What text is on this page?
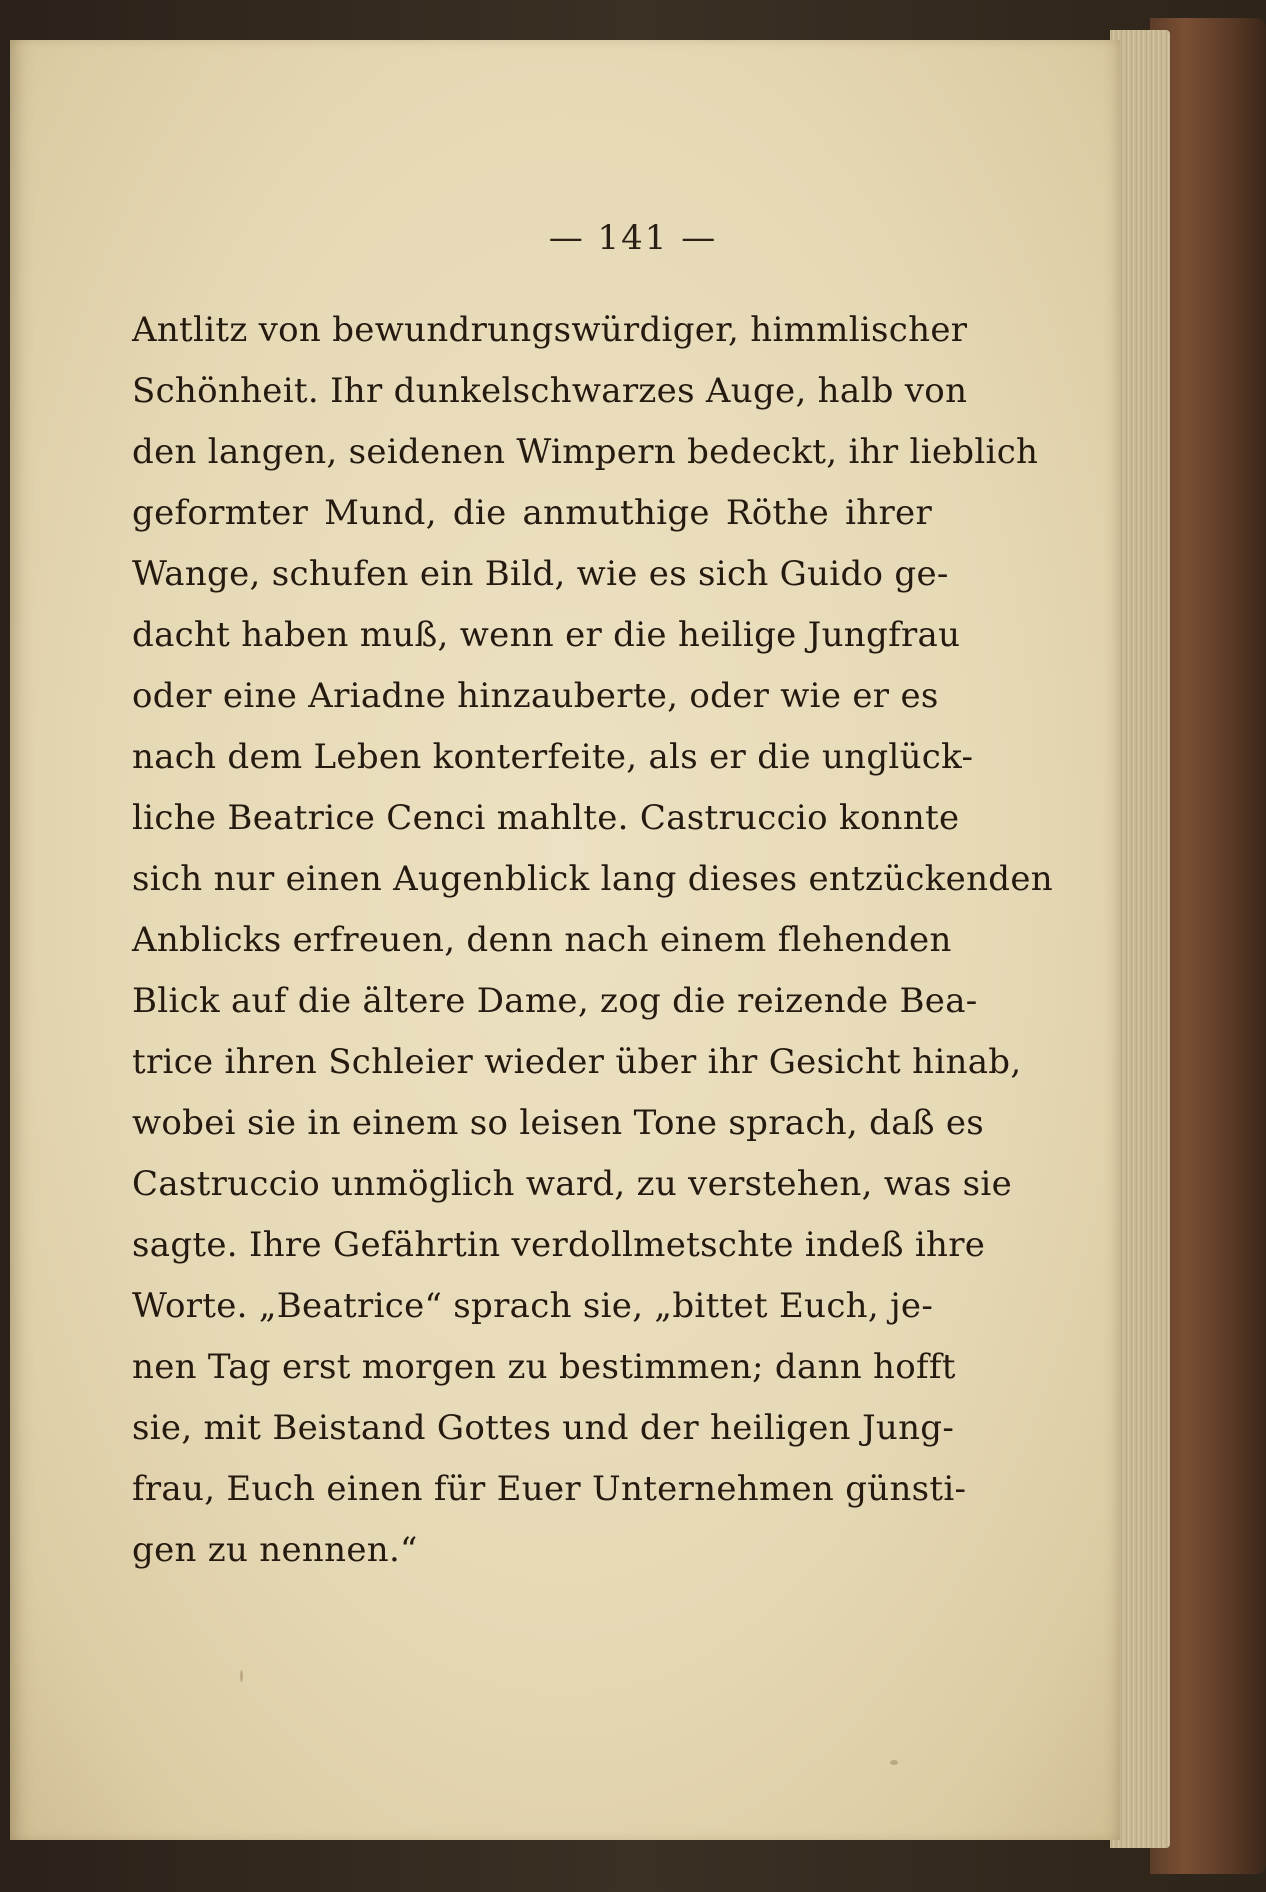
— 141 —
Antlitz von bewundrungswürdiger, himmlischer
Schönheit. Ihr dunkelschwarzes Auge, halb von
den langen, seidenen Wimpern bedeckt, ihr lieblich
geformter Mund, die anmuthige Röthe ihrer
Wange, schufen ein Bild, wie es sich Guido ge-
dacht haben muß, wenn er die heilige Jungfrau
oder eine Ariadne hinzauberte, oder wie er es
nach dem Leben konterfeite, als er die unglück-
liche Beatrice Cenci mahlte. Castruccio konnte
sich nur einen Augenblick lang dieses entzückenden
Anblicks erfreuen, denn nach einem flehenden
Blick auf die ältere Dame, zog die reizende Bea-
trice ihren Schleier wieder über ihr Gesicht hinab,
wobei sie in einem so leisen Tone sprach, daß es
Castruccio unmöglich ward, zu verstehen, was sie
sagte. Ihre Gefährtin verdollmetschte indeß ihre
Worte. „Beatrice“ sprach sie, „bittet Euch, je-
nen Tag erst morgen zu bestimmen; dann hofft
sie, mit Beistand Gottes und der heiligen Jung-
frau, Euch einen für Euer Unternehmen günsti-
gen zu nennen.“
